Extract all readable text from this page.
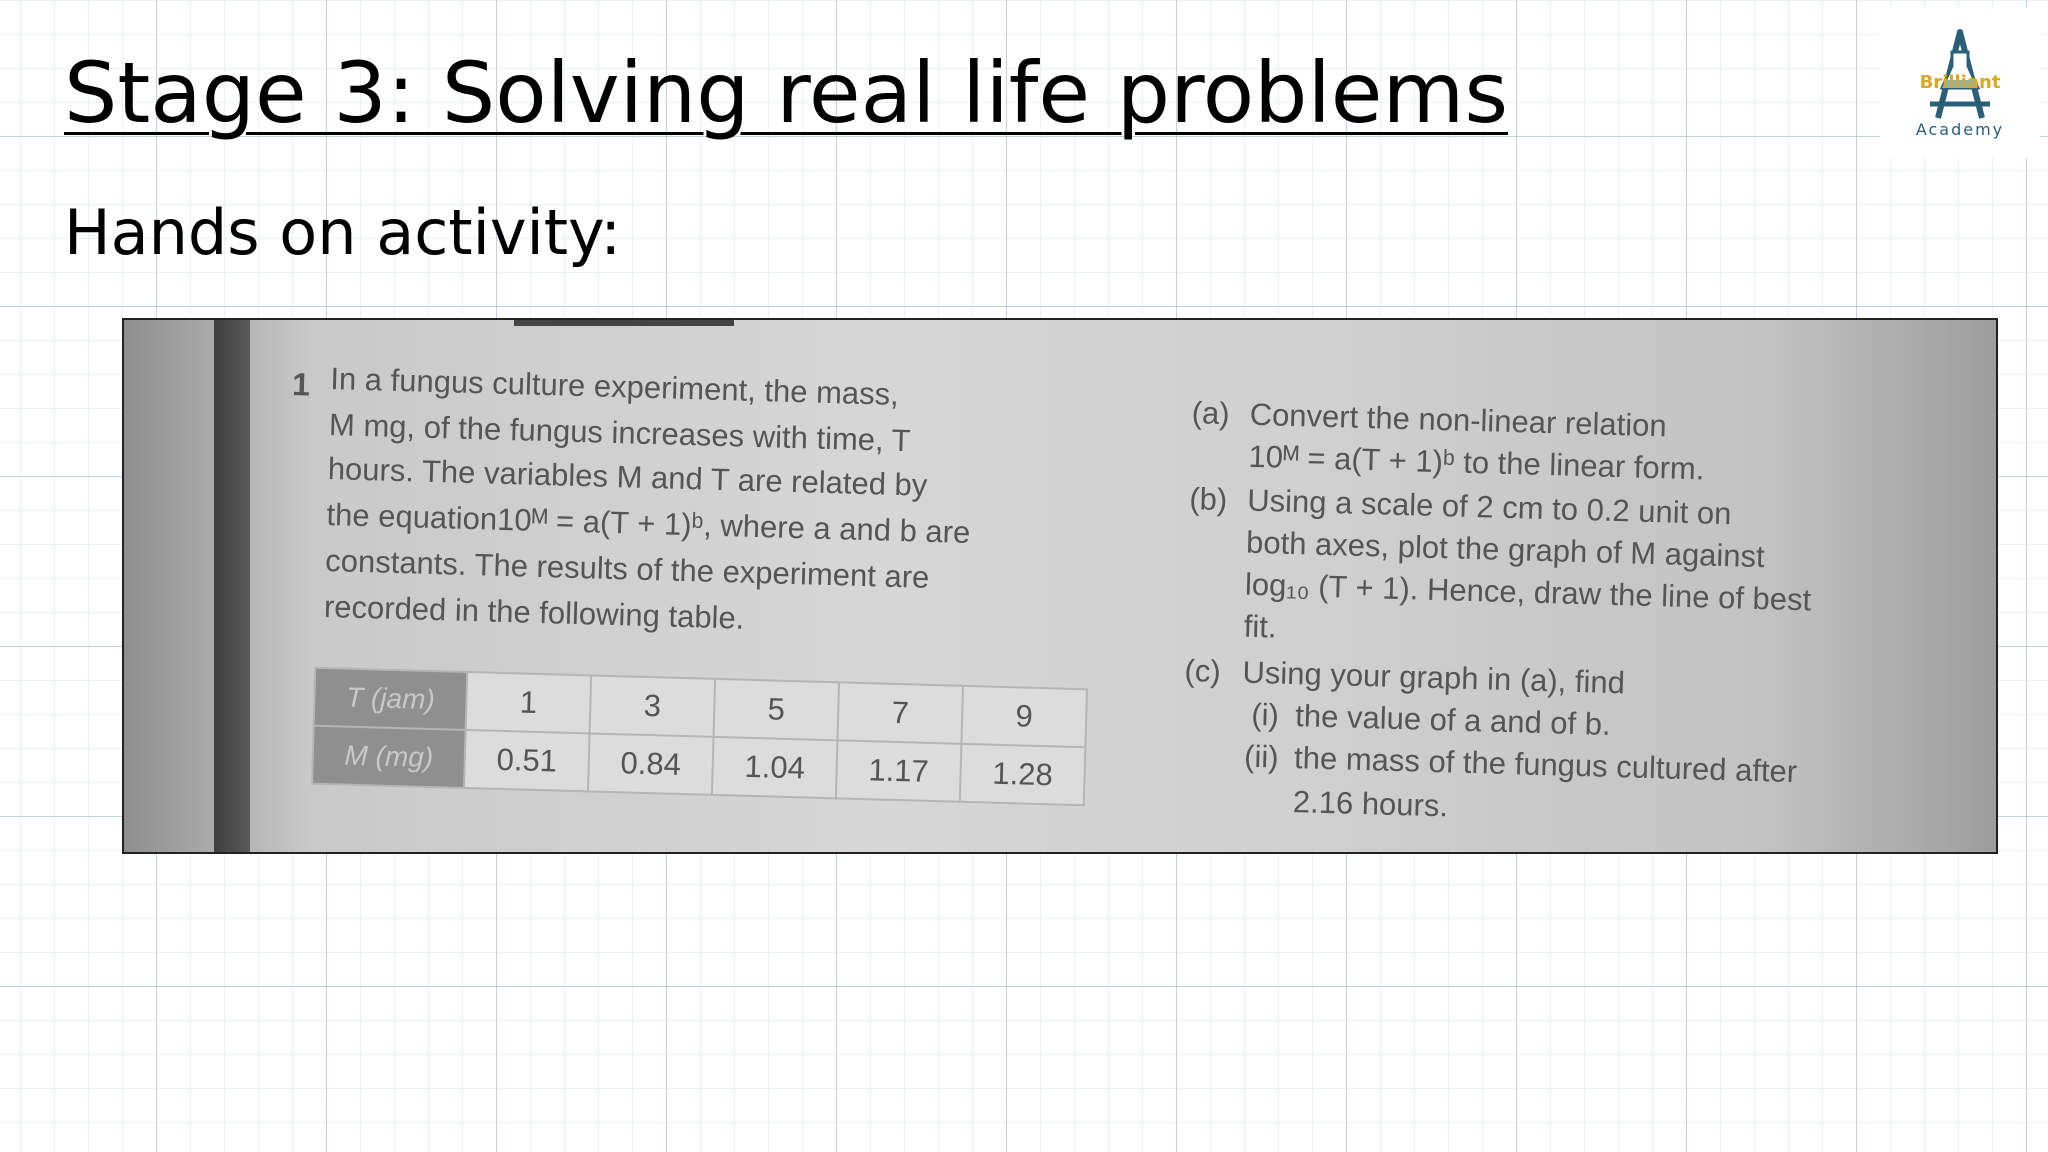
Stage 3: Solving real life problems
Hands on activity:
Brilliant
Academy
1 In a fungus culture experiment, the mass,
M mg, of the fungus increases with time, T
hours. The variables M and T are related by
the equation10ᴹ = a(T + 1)ᵇ, where a and b are
constants. The results of the experiment are
recorded in the following table.
T (jam)	1	3	5	7	9
M (mg)	0.51	0.84	1.04	1.17	1.28
(a) Convert the non-linear relation
10ᴹ = a(T + 1)ᵇ to the linear form.
(b) Using a scale of 2 cm to 0.2 unit on
both axes, plot the graph of M against
log₁₀ (T + 1). Hence, draw the line of best
fit.
(c) Using your graph in (a), find
(i) the value of a and of b.
(ii) the mass of the fungus cultured after
2.16 hours.
